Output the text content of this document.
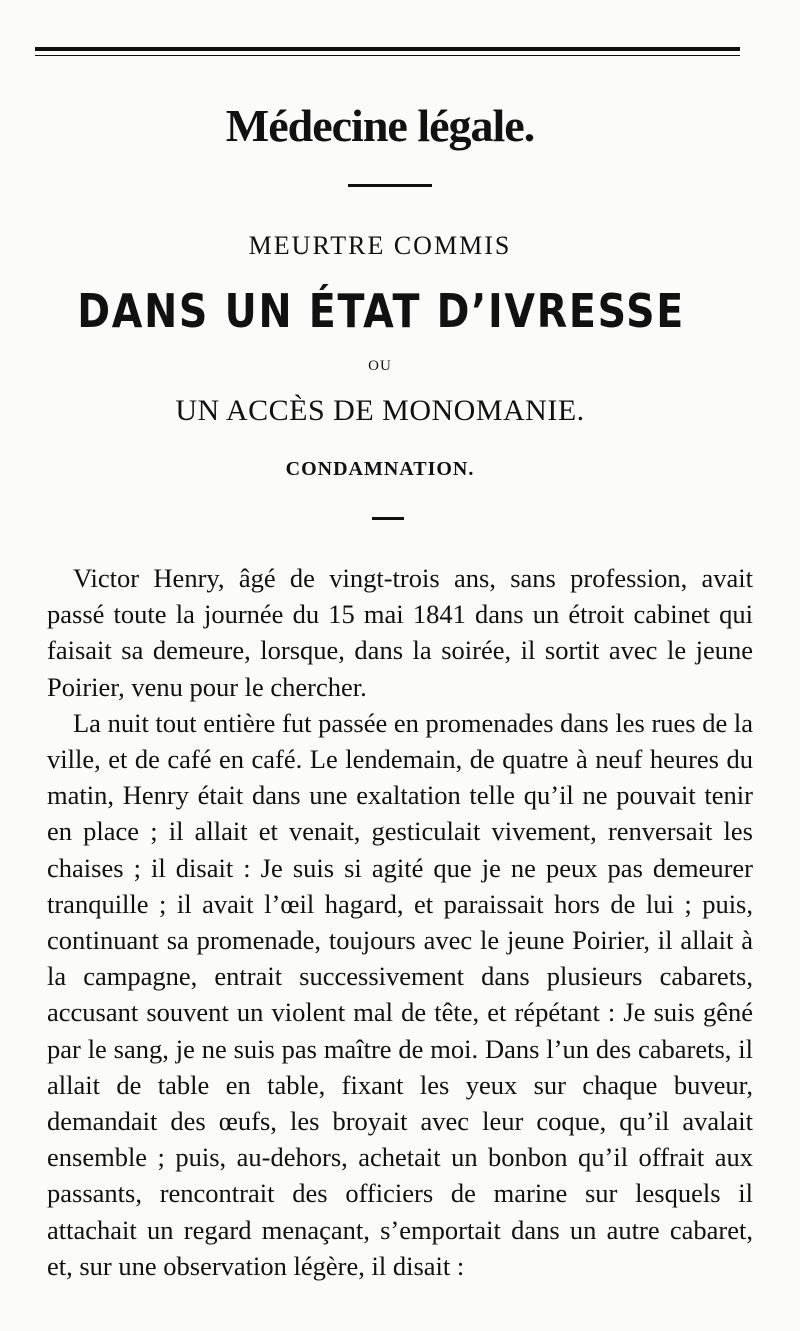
Médecine légale.
MEURTRE COMMIS
DANS UN ÉTAT D’IVRESSE
OU
UN ACCÈS DE MONOMANIE.
CONDAMNATION.

Victor Henry, âgé de vingt-trois ans, sans profession, avait passé toute la journée du 15 mai 1841 dans un étroit cabinet qui faisait sa demeure, lorsque, dans la soirée, il sortit avec le jeune Poirier, venu pour le chercher.

La nuit tout entière fut passée en promenades dans les rues de la ville, et de café en café. Le lendemain, de quatre à neuf heures du matin, Henry était dans une exaltation telle qu’il ne pouvait tenir en place ; il allait et venait, gesticulait vivement, renversait les chaises ; il disait : Je suis si agité que je ne peux pas demeurer tranquille ; il avait l’œil hagard, et paraissait hors de lui ; puis, continuant sa promenade, toujours avec le jeune Poirier, il allait à la campagne, entrait successivement dans plusieurs cabarets, accusant souvent un violent mal de tête, et répétant : Je suis gêné par le sang, je ne suis pas maître de moi. Dans l’un des cabarets, il allait de table en table, fixant les yeux sur chaque buveur, demandait des œufs, les broyait avec leur coque, qu’il avalait ensemble ; puis, au-dehors, achetait un bonbon qu’il offrait aux passants, rencontrait des officiers de marine sur lesquels il attachait un regard menaçant, s’emportait dans un autre cabaret, et, sur une observation légère, il disait :
